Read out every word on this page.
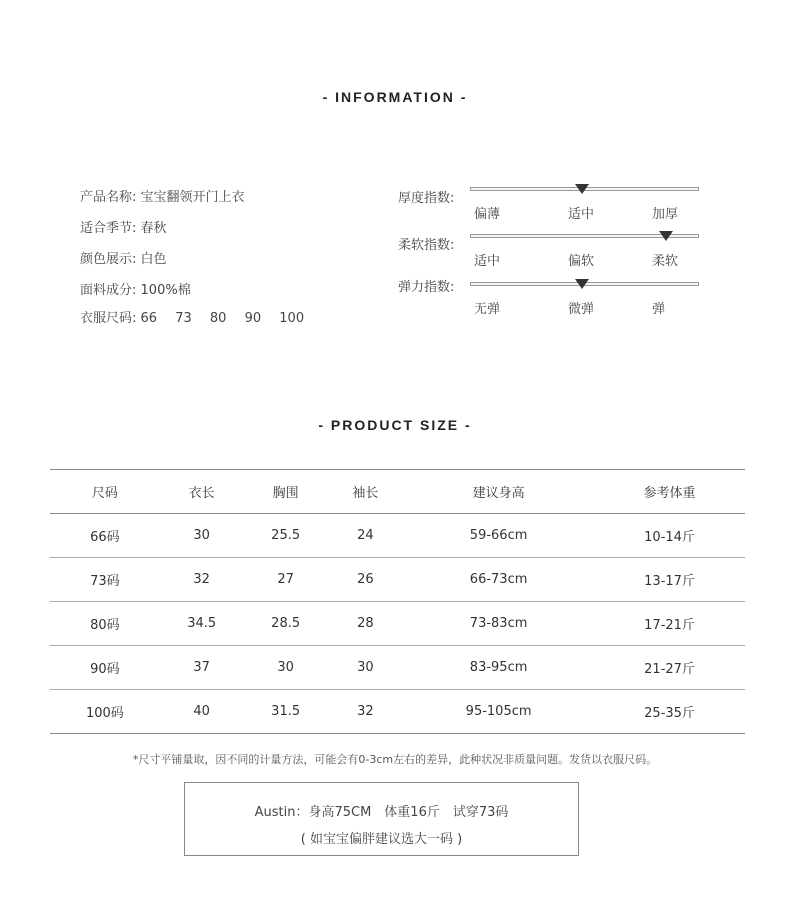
- INFORMATION -
产品名称: 宝宝翻领开门上衣
适合季节: 春秋
颜色展示: 白色
面料成分: 100%棉
衣服尺码: 66 73 80 90 100
厚度指数:
偏薄	适中	加厚
柔软指数:
适中	偏软	柔软
弹力指数:
无弹	微弹	弹
- PRODUCT SIZE -
尺码	衣长	胸围	袖长	建议身高	参考体重
66码	30	25.5	24	59-66cm	10-14斤
73码	32	27	26	66-73cm	13-17斤
80码	34.5	28.5	28	73-83cm	17-21斤
90码	37	30	30	83-95cm	21-27斤
100码	40	31.5	32	95-105cm	25-35斤
*尺寸平铺量取，因不同的计量方法，可能会有0-3cm左右的差异，此种状况非质量问题。发货以衣服尺码。
Austin：身高75CM　体重16斤　试穿73码
( 如宝宝偏胖建议选大一码 )
